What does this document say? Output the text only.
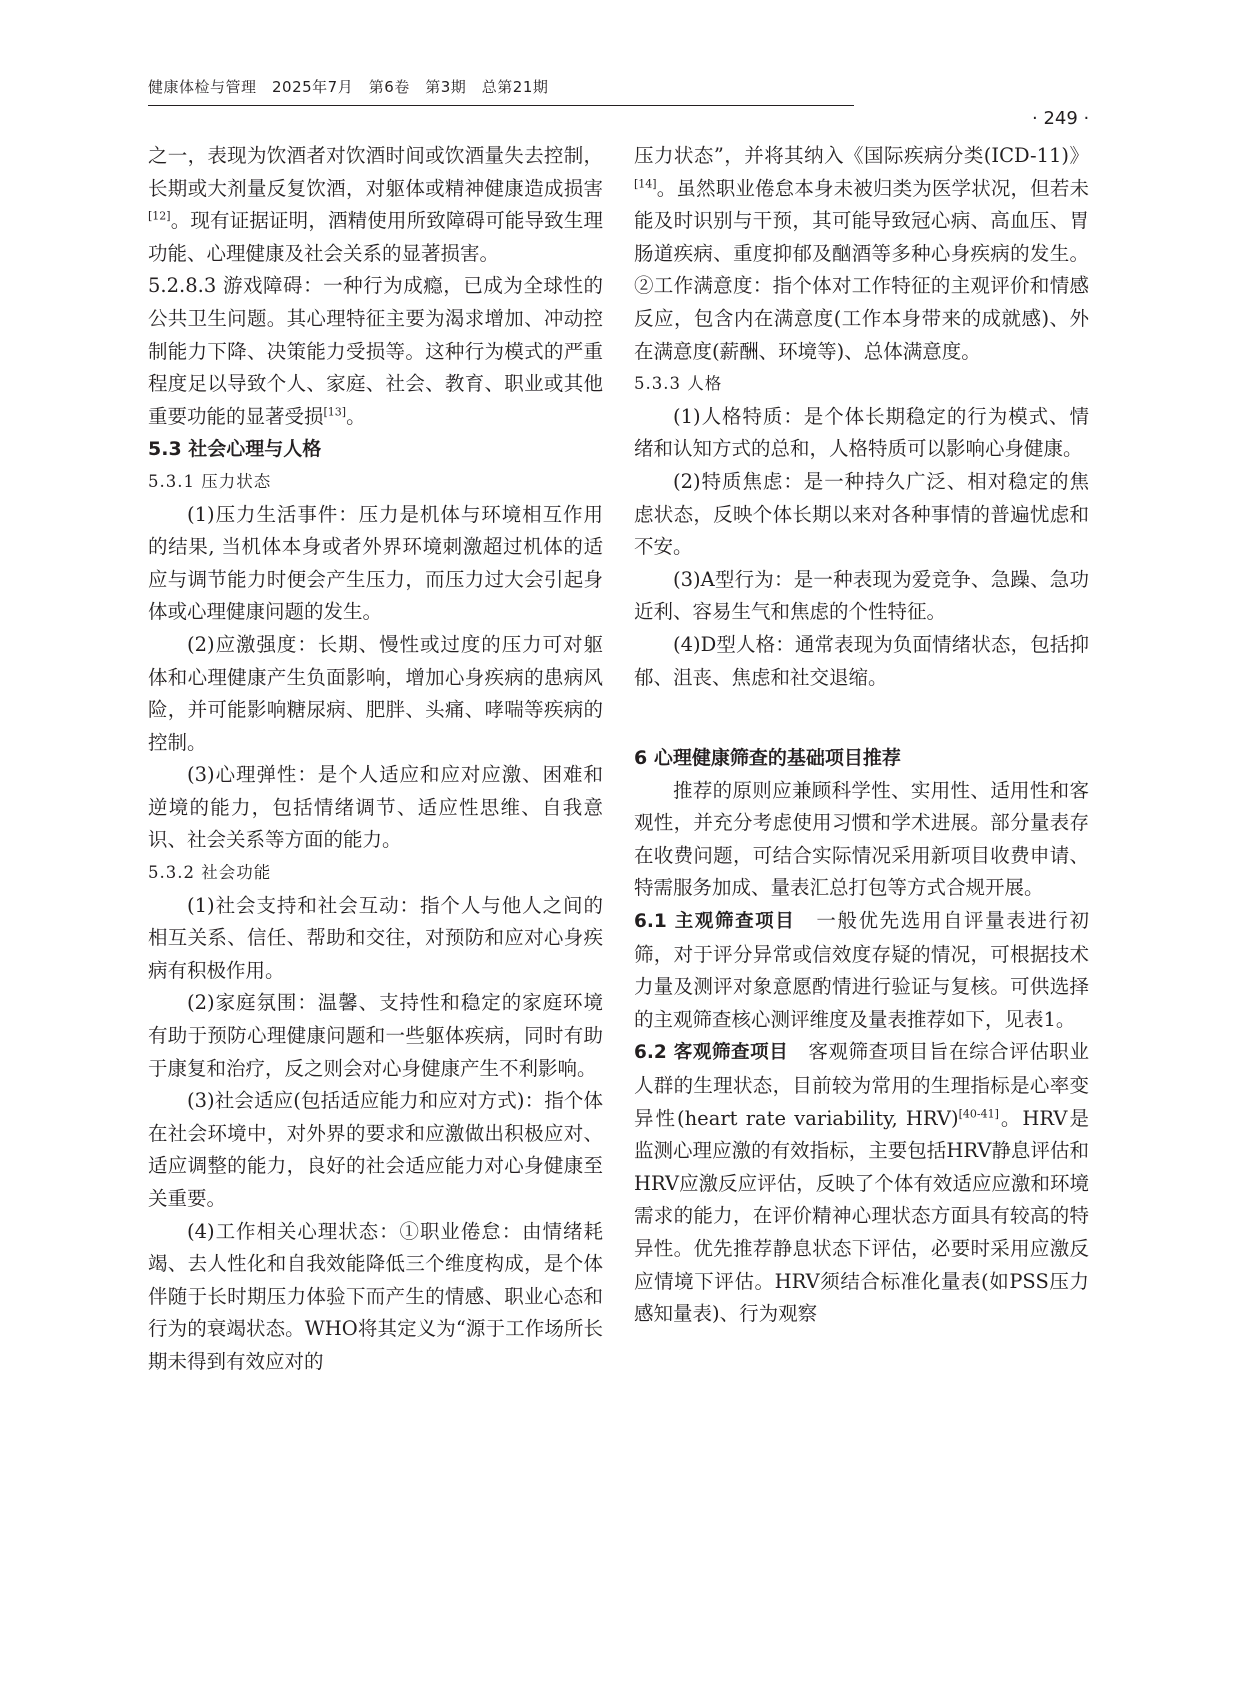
健康体检与管理　2025年7月　第6卷　第3期　总第21期
· 249 ·

之一，表现为饮酒者对饮酒时间或饮酒量失去控制，长期或大剂量反复饮酒，对躯体或精神健康造成损害[12]。现有证据证明，酒精使用所致障碍可能导致生理功能、心理健康及社会关系的显著损害。

5.2.8.3 游戏障碍：一种行为成瘾，已成为全球性的公共卫生问题。其心理特征主要为渴求增加、冲动控制能力下降、决策能力受损等。这种行为模式的严重程度足以导致个人、家庭、社会、教育、职业或其他重要功能的显著受损[13]。

5.3 社会心理与人格

5.3.1 压力状态

(1)压力生活事件：压力是机体与环境相互作用的结果, 当机体本身或者外界环境刺激超过机体的适应与调节能力时便会产生压力，而压力过大会引起身体或心理健康问题的发生。

(2)应激强度：长期、慢性或过度的压力可对躯体和心理健康产生负面影响，增加心身疾病的患病风险，并可能影响糖尿病、肥胖、头痛、哮喘等疾病的控制。

(3)心理弹性：是个人适应和应对应激、困难和逆境的能力，包括情绪调节、适应性思维、自我意识、社会关系等方面的能力。

5.3.2 社会功能

(1)社会支持和社会互动：指个人与他人之间的相互关系、信任、帮助和交往，对预防和应对心身疾病有积极作用。

(2)家庭氛围：温馨、支持性和稳定的家庭环境有助于预防心理健康问题和一些躯体疾病，同时有助于康复和治疗，反之则会对心身健康产生不利影响。

(3)社会适应(包括适应能力和应对方式)：指个体在社会环境中，对外界的要求和应激做出积极应对、适应调整的能力，良好的社会适应能力对心身健康至关重要。

(4)工作相关心理状态：①职业倦怠：由情绪耗竭、去人性化和自我效能降低三个维度构成，是个体伴随于长时期压力体验下而产生的情感、职业心态和行为的衰竭状态。WHO将其定义为“源于工作场所长期未得到有效应对的

压力状态”，并将其纳入《国际疾病分类(ICD-11)》[14]。虽然职业倦怠本身未被归类为医学状况，但若未能及时识别与干预，其可能导致冠心病、高血压、胃肠道疾病、重度抑郁及酗酒等多种心身疾病的发生。②工作满意度：指个体对工作特征的主观评价和情感反应，包含内在满意度(工作本身带来的成就感)、外在满意度(薪酬、环境等)、总体满意度。

5.3.3 人格

(1)人格特质：是个体长期稳定的行为模式、情绪和认知方式的总和，人格特质可以影响心身健康。

(2)特质焦虑：是一种持久广泛、相对稳定的焦虑状态，反映个体长期以来对各种事情的普遍忧虑和不安。

(3)A型行为：是一种表现为爱竞争、急躁、急功近利、容易生气和焦虑的个性特征。

(4)D型人格：通常表现为负面情绪状态，包括抑郁、沮丧、焦虑和社交退缩。

6 心理健康筛查的基础项目推荐

推荐的原则应兼顾科学性、实用性、适用性和客观性，并充分考虑使用习惯和学术进展。部分量表存在收费问题，可结合实际情况采用新项目收费申请、特需服务加成、量表汇总打包等方式合规开展。

6.1 主观筛查项目　 一般优先选用自评量表进行初筛，对于评分异常或信效度存疑的情况，可根据技术力量及测评对象意愿酌情进行验证与复核。可供选择的主观筛查核心测评维度及量表推荐如下，见表1。

6.2 客观筛查项目　 客观筛查项目旨在综合评估职业人群的生理状态，目前较为常用的生理指标是心率变异性(heart rate variability, HRV)[40-41]。HRV是监测心理应激的有效指标，主要包括HRV静息评估和HRV应激反应评估，反映了个体有效适应应激和环境需求的能力，在评价精神心理状态方面具有较高的特异性。优先推荐静息状态下评估，必要时采用应激反应情境下评估。HRV须结合标准化量表(如PSS压力感知量表)、行为观察
